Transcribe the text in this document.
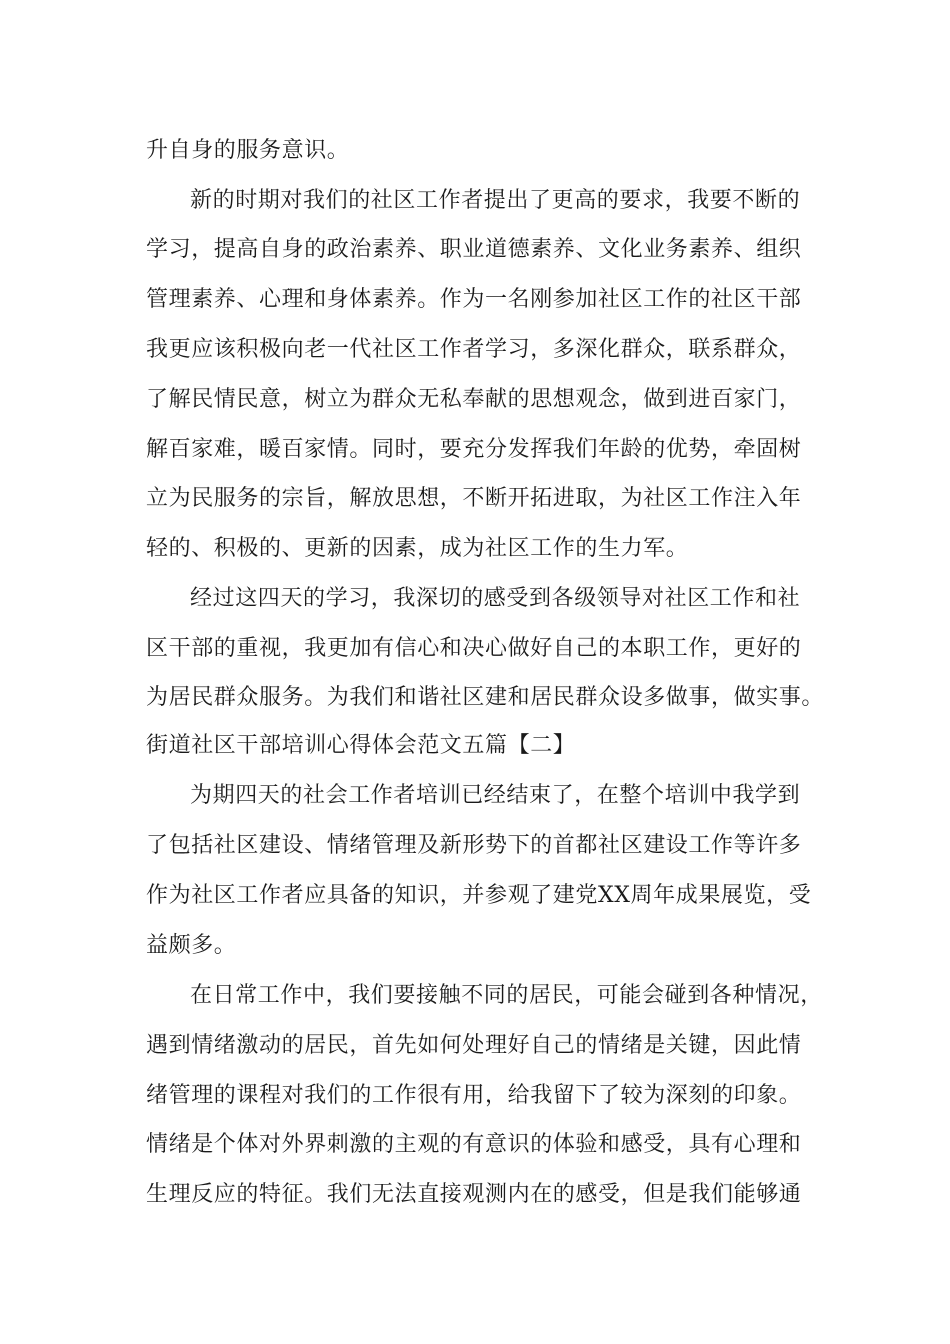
升自身的服务意识。
新的时期对我们的社区工作者提出了更高的要求，我要不断的
学习，提高自身的政治素养、职业道德素养、文化业务素养、组织
管理素养、心理和身体素养。作为一名刚参加社区工作的社区干部
我更应该积极向老一代社区工作者学习，多深化群众，联系群众，
了解民情民意，树立为群众无私奉献的思想观念，做到进百家门，
解百家难，暖百家情。同时，要充分发挥我们年龄的优势，牵固树
立为民服务的宗旨，解放思想，不断开拓进取，为社区工作注入年
轻的、积极的、更新的因素，成为社区工作的生力军。
经过这四天的学习，我深切的感受到各级领导对社区工作和社
区干部的重视，我更加有信心和决心做好自己的本职工作，更好的
为居民群众服务。为我们和谐社区建和居民群众设多做事，做实事。
街道社区干部培训心得体会范文五篇【二】
为期四天的社会工作者培训已经结束了，在整个培训中我学到
了包括社区建设、情绪管理及新形势下的首都社区建设工作等许多
作为社区工作者应具备的知识，并参观了建党XX周年成果展览，受
益颇多。
在日常工作中，我们要接触不同的居民，可能会碰到各种情况，
遇到情绪激动的居民，首先如何处理好自己的情绪是关键，因此情
绪管理的课程对我们的工作很有用，给我留下了较为深刻的印象。
情绪是个体对外界刺激的主观的有意识的体验和感受，具有心理和
生理反应的特征。我们无法直接观测内在的感受，但是我们能够通
